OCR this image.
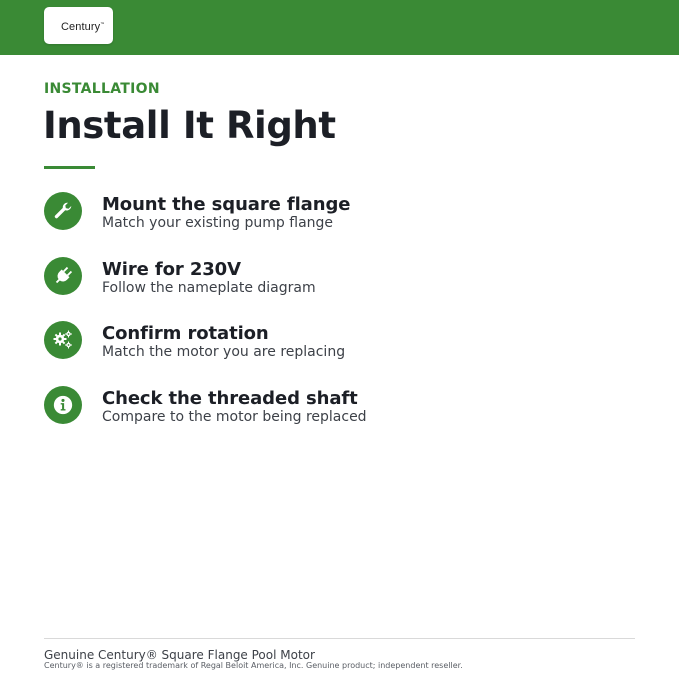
Century™
INSTALLATION
Install It Right
Mount the square flange
Match your existing pump flange
Wire for 230V
Follow the nameplate diagram
Confirm rotation
Match the motor you are replacing
Check the threaded shaft
Compare to the motor being replaced
Genuine Century® Square Flange Pool Motor
Century® is a registered trademark of Regal Beloit America, Inc. Genuine product; independent reseller.
